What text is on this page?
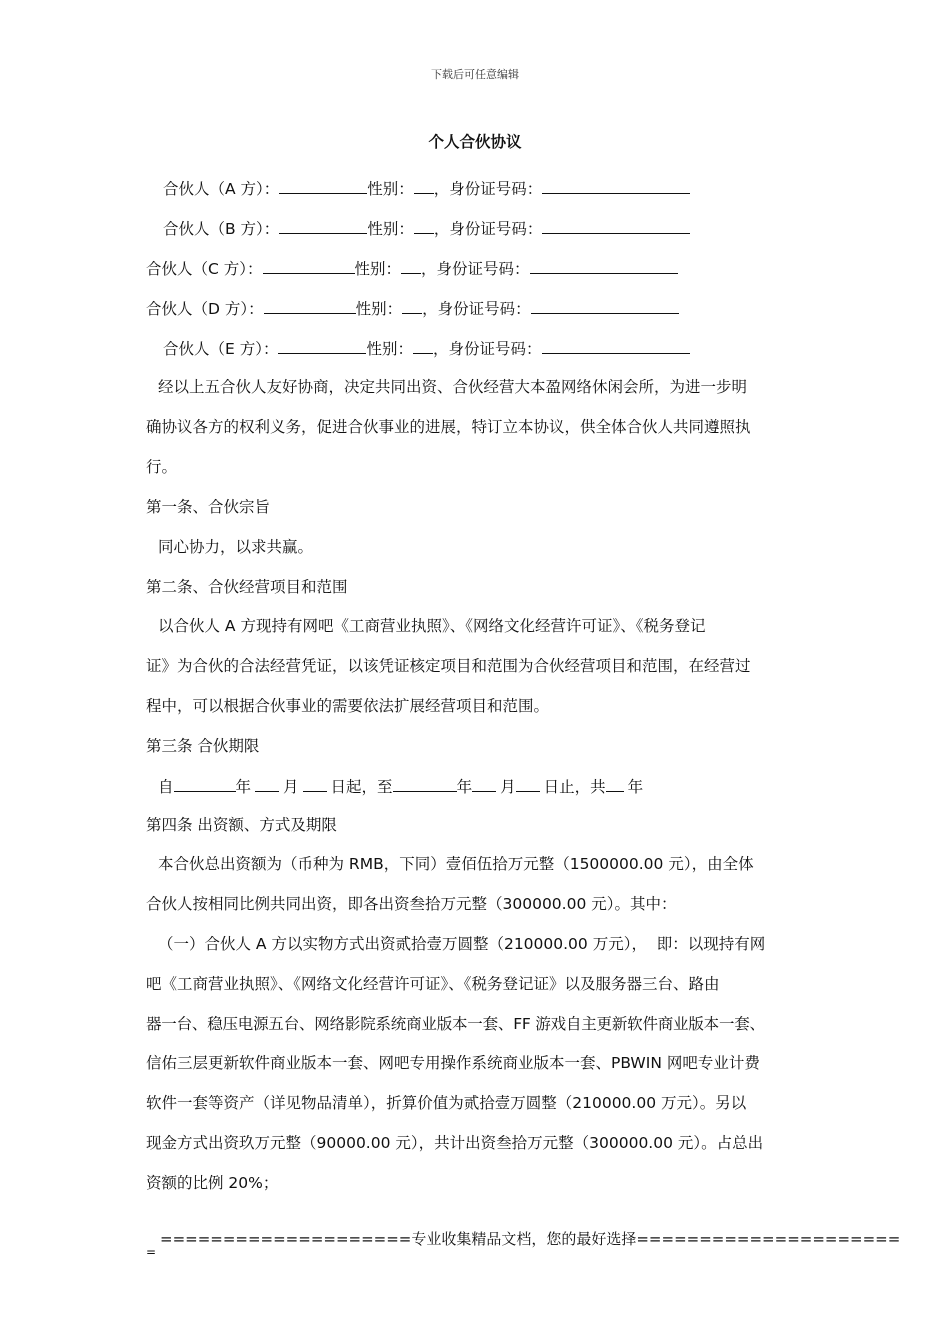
下载后可任意编辑
个人合伙协议
合伙人（A 方）：	性别： ，身份证号码：
合伙人（B 方）：	性别： ，身份证号码：
合伙人（C 方）：	性别： ，身份证号码：
合伙人（D 方）：	性别： ，身份证号码：
合伙人（E 方）：	性别： ，身份证号码：
经以上五合伙人友好协商，决定共同出资、合伙经营大本盈网络休闲会所，为进一步明
确协议各方的权利义务，促进合伙事业的进展，特订立本协议，供全体合伙人共同遵照执
行。
第一条、合伙宗旨
同心协力，以求共赢。
第二条、合伙经营项目和范围
以合伙人 A 方现持有网吧《工商营业执照》、《网络文化经营许可证》、《税务登记
证》为合伙的合法经营凭证，以该凭证核定项目和范围为合伙经营项目和范围，在经营过
程中，可以根据合伙事业的需要依法扩展经营项目和范围。
第三条 合伙期限
自	年 月 日起，至	年 月 日止，共 年
第四条 出资额、方式及期限
本合伙总出资额为（币种为 RMB，下同）壹佰伍拾万元整（1500000.00 元），由全体
合伙人按相同比例共同出资，即各出资叁拾万元整（300000.00 元）。其中：
（一）合伙人 A 方以实物方式出资贰拾壹万圆整（210000.00 万元），  即：以现持有网
吧《工商营业执照》、《网络文化经营许可证》、《税务登记证》以及服务器三台、路由
器一台、稳压电源五台、网络影院系统商业版本一套、FF 游戏自主更新软件商业版本一套、
信佑三层更新软件商业版本一套、网吧专用操作系统商业版本一套、PBWIN 网吧专业计费
软件一套等资产（详见物品清单），折算价值为贰拾壹万圆整（210000.00 万元）。另以
现金方式出资玖万元整（90000.00 元），共计出资叁拾万元整（300000.00 元）。占总出
资额的比例 20%；
====================专业收集精品文档，您的最好选择=====================
=
